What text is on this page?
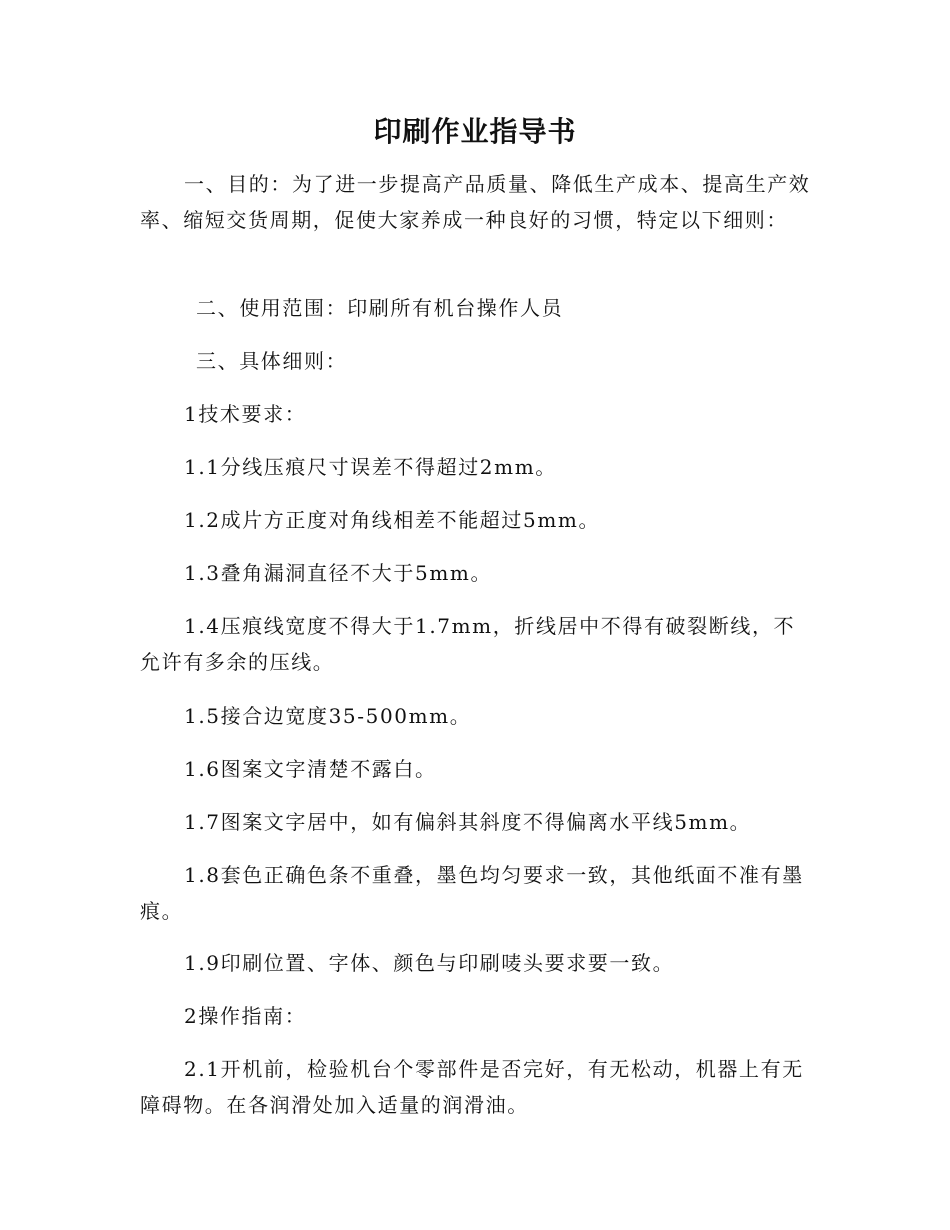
印刷作业指导书

一、目的：为了进一步提高产品质量、降低生产成本、提高生产效率、缩短交货周期，促使大家养成一种良好的习惯，特定以下细则：

二、使用范围：印刷所有机台操作人员

三、具体细则：

1技术要求：

1.1分线压痕尺寸误差不得超过2mm。

1.2成片方正度对角线相差不能超过5mm。

1.3叠角漏洞直径不大于5mm。

1.4压痕线宽度不得大于1.7mm，折线居中不得有破裂断线，不允许有多余的压线。

1.5接合边宽度35-500mm。

1.6图案文字清楚不露白。

1.7图案文字居中，如有偏斜其斜度不得偏离水平线5mm。

1.8套色正确色条不重叠，墨色均匀要求一致，其他纸面不准有墨痕。

1.9印刷位置、字体、颜色与印刷唛头要求要一致。

2操作指南：

2.1开机前，检验机台个零部件是否完好，有无松动，机器上有无障碍物。在各润滑处加入适量的润滑油。
